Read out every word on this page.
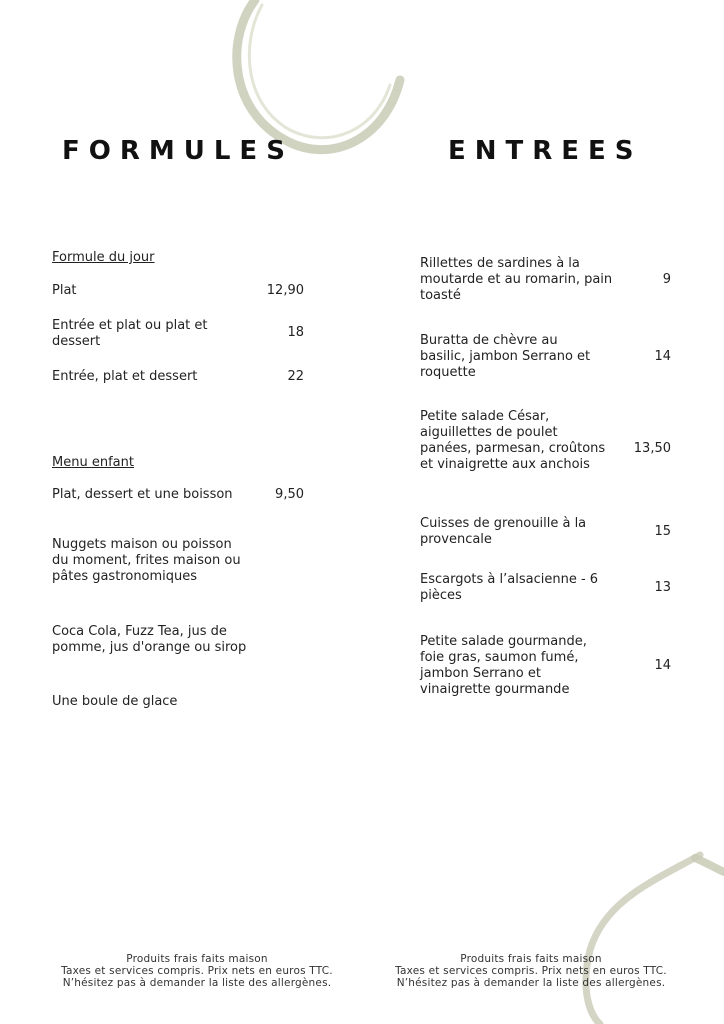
FORMULES	ENTREES
Formule du jour
Plat	12,90
Entrée et plat ou plat et dessert
18
Entrée, plat et dessert	22
Menu enfant
Plat, dessert et une boisson	9,50
Nuggets maison ou poisson du moment, frites maison ou pâtes gastronomiques
Coca Cola, Fuzz Tea, jus de pomme, jus d'orange ou sirop
Une boule de glace
Rillettes de sardines à la moutarde et au romarin, pain toasté
9
Buratta de chèvre au basilic, jambon Serrano et roquette
14
Petite salade César, aiguillettes de poulet panées, parmesan, croûtons et vinaigrette aux anchois
13,50
Cuisses de grenouille à la provencale
15
Escargots à l’alsacienne - 6 pièces
13
Petite salade gourmande, foie gras, saumon fumé, jambon Serrano et vinaigrette gourmande
14
Produits frais faits maison
Taxes et services compris. Prix nets en euros TTC.
N’hésitez pas à demander la liste des allergènes.
Produits frais faits maison
Taxes et services compris. Prix nets en euros TTC.
N’hésitez pas à demander la liste des allergènes.
